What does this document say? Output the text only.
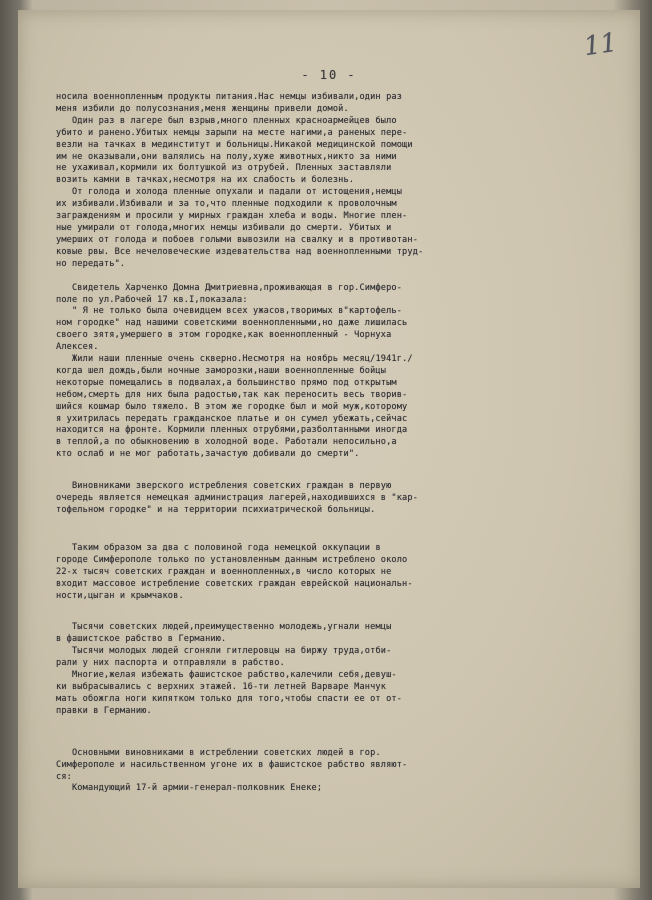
11
- 10 -

носила военнопленным продукты питания.Нас немцы избивали,один раз
меня избили до полусознания,меня женщины привели домой.
Один раз в лагере был взрыв,много пленных красноармейцев было
убито и ранено.Убитых немцы зарыли на месте нагими,а раненых пере-
везли на тачках в мединститут и больницы.Никакой медицинской помощи
им не оказывали,они валялись на полу,хуже животных,никто за ними
не ухаживал,кормили их болтушкой из отрубей. Пленных заставляли
возить камни в тачках,несмотря на их слабость и болезнь.
От голода и холода пленные опухали и падали от истощения,немцы
их избивали.Избивали и за то,что пленные подходили к проволочным
заграждениям и просили у мирных граждан хлеба и воды. Многие плен-
ные умирали от голода,многих немцы избивали до смерти. Убитых и
умерших от голода и побоев голыми вывозили на свалку и в противотан-
ковые рвы. Все нечеловеческие издевательства над военнопленными труд-
но передать".

Свидетель Харченко Домна Дмитриевна,проживающая в гор.Симферо-
поле по ул.Рабочей 17 кв.I,показала:

" Я не только была очевидцем всех ужасов,творимых в"картофель-
ном городке" над нашими советскими военнопленными,но даже лишилась
своего зятя,умершего в этом городке,как военнопленный - Чорнуха
Алексея.
Жили наши пленные очень скверно.Несмотря на ноябрь месяц/1941г./
когда шел дождь,были ночные заморозки,наши военнопленные бойцы
некоторые помещались в подвалах,а большинство прямо под открытым
небом,смерть для них была радостью,так как переносить весь творив-
шийся кошмар было тяжело. В этом же городке был и мой муж,которому
я ухитрилась передать гражданское платье и он сумел убежать,сейчас
находится на фронте. Кормили пленных отрубями,разболтанными иногда
в теплой,а по обыкновению в холодной воде. Работали непосильно,а
кто ослаб и не мог работать,зачастую добивали до смерти".

Виновниками зверского истребления советских граждан в первую
очередь является немецкая администрация лагерей,находившихся в "кар-
тофельном городке" и на территории психиатрической больницы.

Таким образом за два с половиной года немецкой оккупации в
городе Симферополе только по установленным данным истреблено около
22-х тысяч советских граждан и военнопленных,в число которых не
входит массовое истребление советских граждан еврейской национальн-
ности,цыган и крымчаков.

Тысячи советских людей,преимущественно молодежь,угнали немцы
в фашистское рабство в Германию.
Тысячи молодых людей сгоняли гитлеровцы на биржу труда,отби-
рали у них паспорта и отправляли в рабство.
Многие,желая избежать фашистское рабство,калечили себя,девуш-
ки выбрасывались с верхних этажей. 16-ти летней Варваре Манчук
мать обожгла ноги кипятком только для того,чтобы спасти ее от от-
правки в Германию.

Основными виновниками в истреблении советских людей в гор.
Симферополе и насильственном угоне их в фашистское рабство являют-
ся:

Командующий 17-й армии-генерал-полковник Енеке;
